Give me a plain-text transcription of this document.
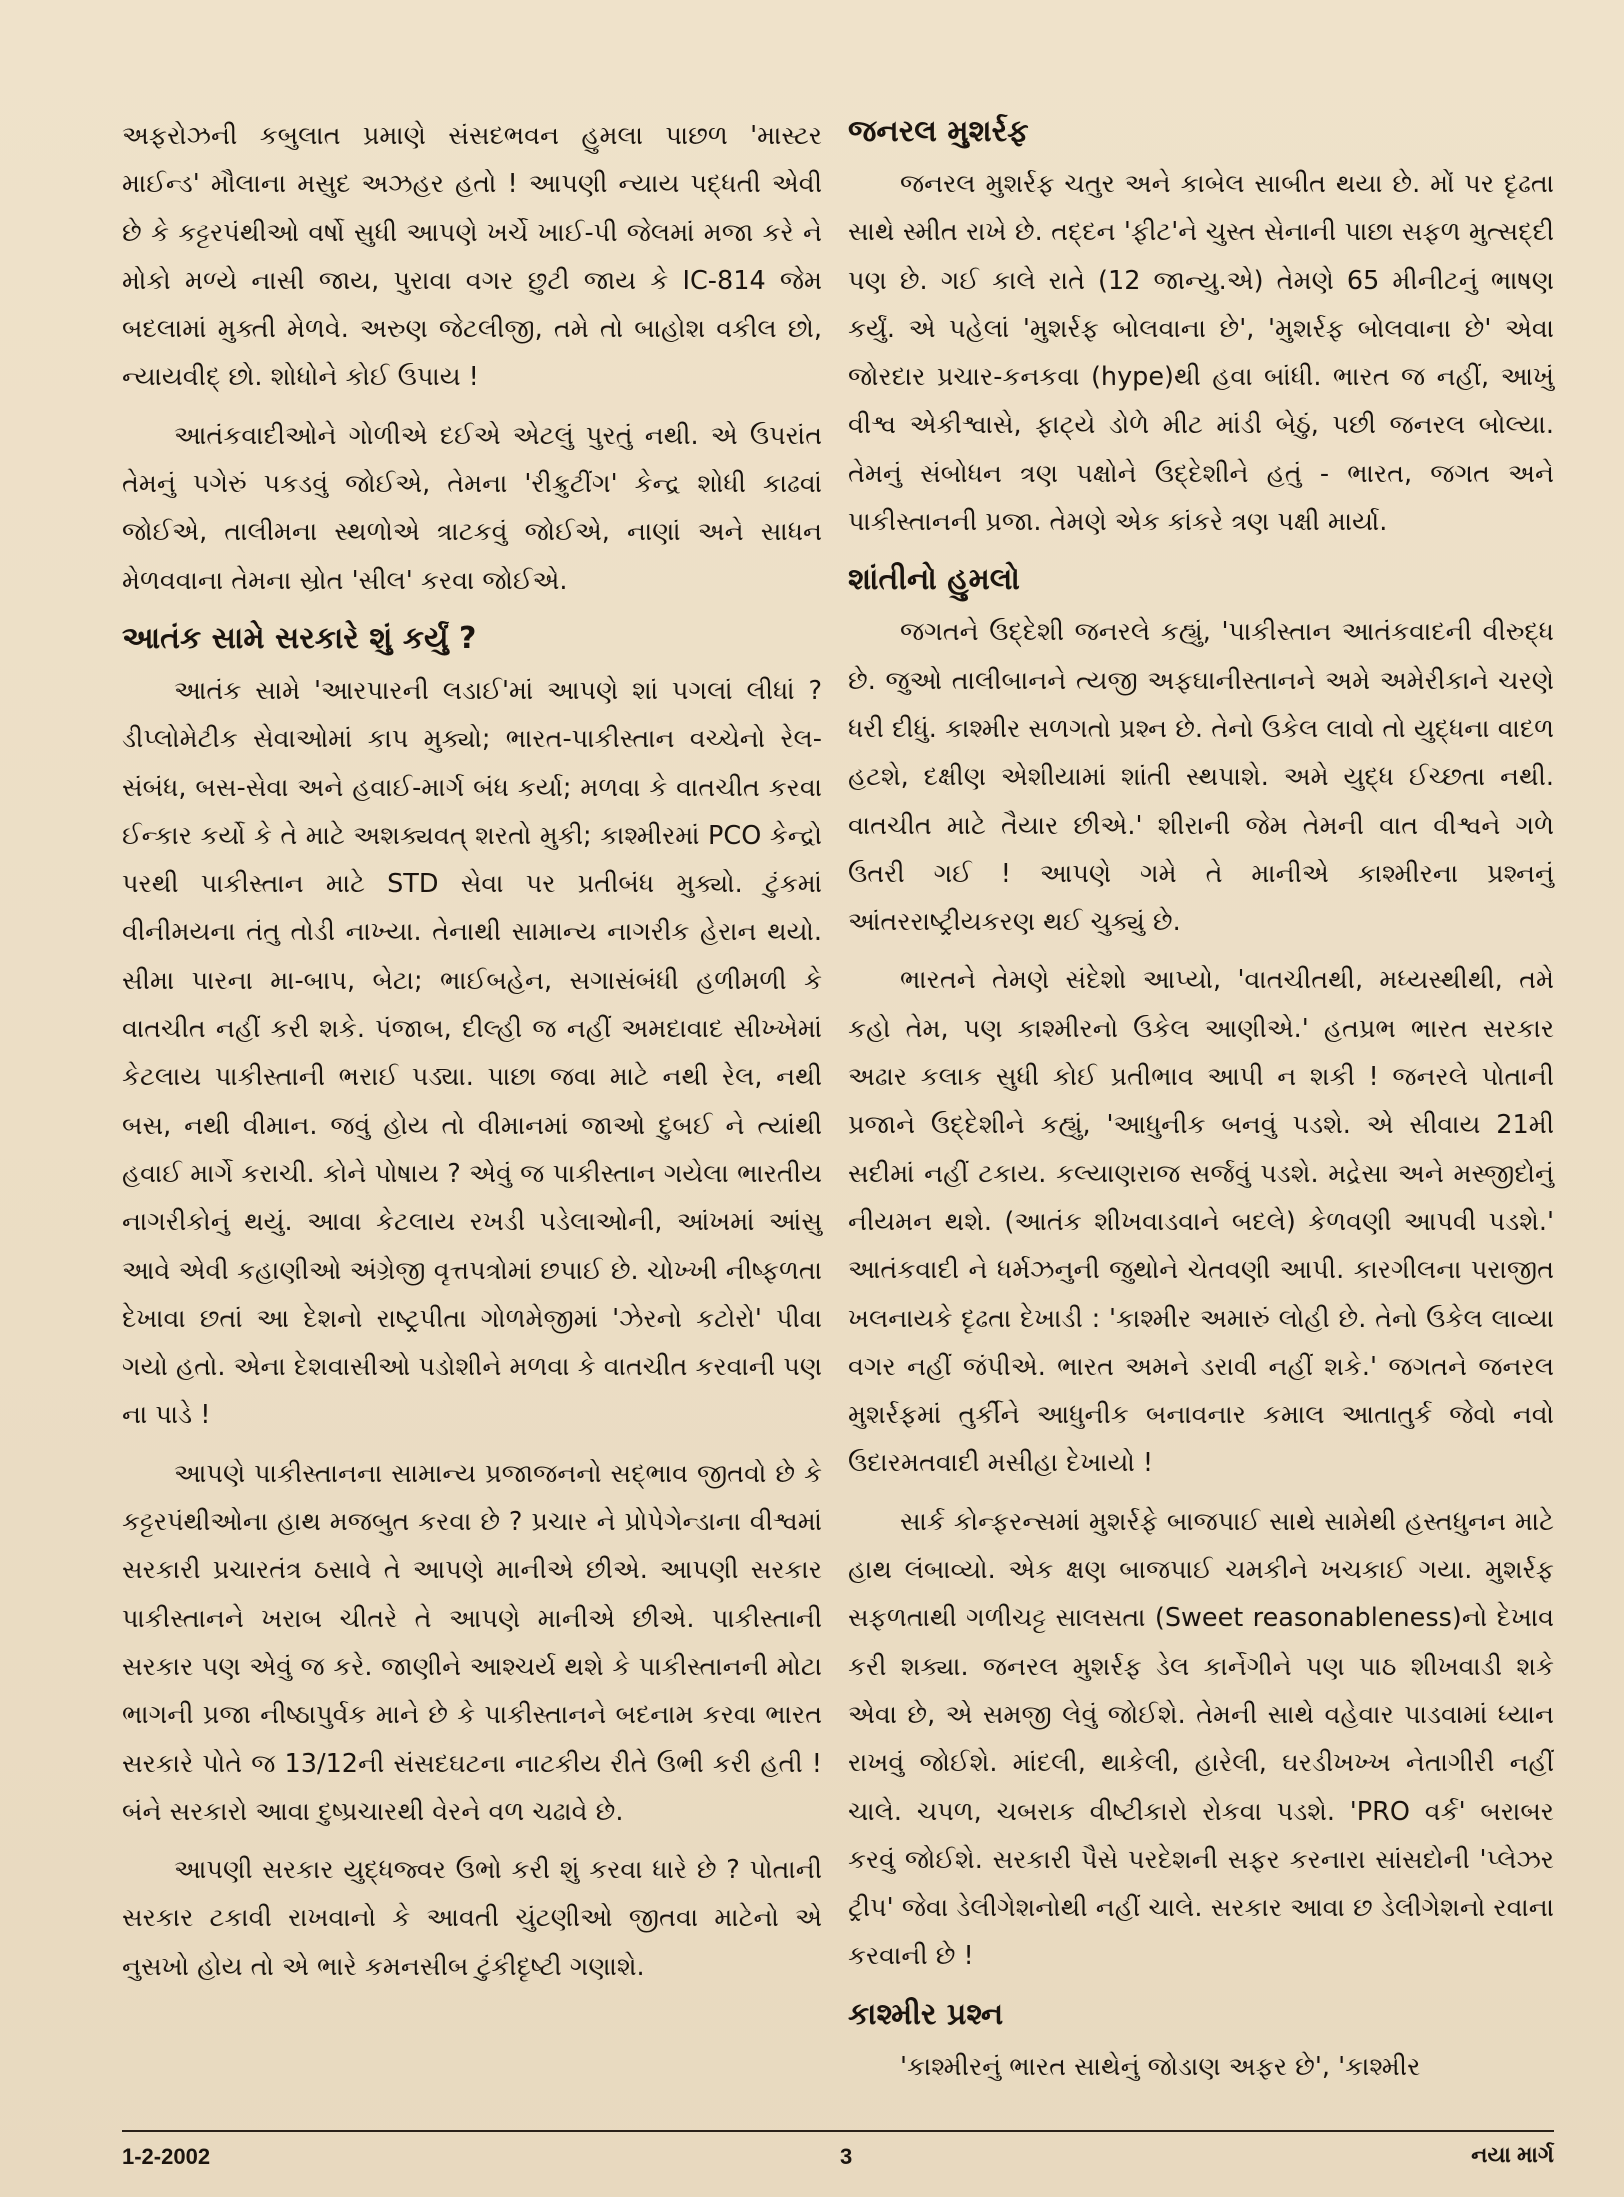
અફરોઝની કબુલાત પ્રમાણે સંસદભવન હુમલા પાછળ 'માસ્ટર માઈન્ડ' મૌલાના મસુદ અઝહર હતો ! આપણી ન્યાય પદ્ધતી એવી છે કે કટ્ટરપંથીઓ વર્ષો સુધી આપણે ખર્ચે ખાઈ-પી જેલમાં મજા કરે ને મોકો મળ્યે નાસી જાય, પુરાવા વગર છુટી જાય કે IC-814 જેમ બદલામાં મુક્તી મેળવે. અરુણ જેટલીજી, તમે તો બાહોશ વકીલ છો, ન્યાયવીદ્ છો. શોધોને કોઈ ઉપાય !

આતંકવાદીઓને ગોળીએ દઈએ એટલું પુરતું નથી. એ ઉપરાંત તેમનું પગેરું પકડવું જોઈએ, તેમના 'રીક્રુટીંગ' કેન્દ્ર શોધી કાઢવાં જોઈએ, તાલીમના સ્થળોએ ત્રાટકવું જોઈએ, નાણાં અને સાધન મેળવવાના તેમના સ્રોત 'સીલ' કરવા જોઈએ.

આતંક સામે સરકારે શું કર્યું ?

આતંક સામે 'આરપારની લડાઈ'માં આપણે શાં પગલાં લીધાં ? ડીપ્લોમેટીક સેવાઓમાં કાપ મુક્યો; ભારત-પાકીસ્તાન વચ્ચેનો રેલ-સંબંધ, બસ-સેવા અને હવાઈ-માર્ગ બંધ કર્યા; મળવા કે વાતચીત કરવા ઈન્કાર કર્યો કે તે માટે અશક્યવત્ શરતો મુકી; કાશ્મીરમાં PCO કેન્દ્રો પરથી પાકીસ્તાન માટે STD સેવા પર પ્રતીબંધ મુક્યો. ટુંકમાં વીનીમયના તંતુ તોડી નાખ્યા. તેનાથી સામાન્ય નાગરીક હેરાન થયો. સીમા પારના મા-બાપ, બેટા; ભાઈબહેન, સગાસંબંધી હળીમળી કે વાતચીત નહીં કરી શકે. પંજાબ, દીલ્હી જ નહીં અમદાવાદ સીખ્ખેમાં કેટલાય પાકીસ્તાની ભરાઈ પડ્યા. પાછા જવા માટે નથી રેલ, નથી બસ, નથી વીમાન. જવું હોય તો વીમાનમાં જાઓ દુબઈ ને ત્યાંથી હવાઈ માર્ગે કરાચી. કોને પોષાય ? એવું જ પાકીસ્તાન ગયેલા ભારતીય નાગરીકોનું થયું. આવા કેટલાય રખડી પડેલાઓની, આંખમાં આંસુ આવે એવી કહાણીઓ અંગ્રેજી વૃત્તપત્રોમાં છપાઈ છે. ચોખ્ખી નીષ્ફળતા દેખાવા છતાં આ દેશનો રાષ્ટ્રપીતા ગોળમેજીમાં 'ઝેરનો કટોરો' પીવા ગયો હતો. એના દેશવાસીઓ પડોશીને મળવા કે વાતચીત કરવાની પણ ના પાડે !

આપણે પાકીસ્તાનના સામાન્ય પ્રજાજનનો સદ્ભાવ જીતવો છે કે કટ્ટરપંથીઓના હાથ મજબુત કરવા છે ? પ્રચાર ને પ્રોપેગેન્ડાના વીશ્વમાં સરકારી પ્રચારતંત્ર ઠસાવે તે આપણે માનીએ છીએ. આપણી સરકાર પાકીસ્તાનને ખરાબ ચીતરે તે આપણે માનીએ છીએ. પાકીસ્તાની સરકાર પણ એવું જ કરે. જાણીને આશ્ચર્ય થશે કે પાકીસ્તાનની મોટા ભાગની પ્રજા નીષ્ઠાપુર્વક માને છે કે પાકીસ્તાનને બદનામ કરવા ભારત સરકારે પોતે જ 13/12ની સંસદઘટના નાટકીય રીતે ઉભી કરી હતી ! બંને સરકારો આવા દુષ્પ્રચારથી વેરને વળ ચઢાવે છે.

આપણી સરકાર યુદ્ધજ્વર ઉભો કરી શું કરવા ધારે છે ? પોતાની સરકાર ટકાવી રાખવાનો કે આવતી ચુંટણીઓ જીતવા માટેનો એ નુસખો હોય તો એ ભારે કમનસીબ ટુંકીદૃષ્ટી ગણાશે.

જનરલ મુશર્રફ

જનરલ મુશર્રફ ચતુર અને કાબેલ સાબીત થયા છે. મોં પર દૃઢતા સાથે સ્મીત રાખે છે. તદ્દન 'ફીટ'ને ચુસ્ત સેનાની પાછા સફળ મુત્સદ્દી પણ છે. ગઈ કાલે રાતે (12 જાન્યુ.એ) તેમણે 65 મીનીટનું ભાષણ કર્યું. એ પહેલાં 'મુશર્રફ બોલવાના છે', 'મુશર્રફ બોલવાના છે' એવા જોરદાર પ્રચાર-કનકવા (hype)થી હવા બાંધી. ભારત જ નહીં, આખું વીશ્વ એકીશ્વાસે, ફાટ્યે ડોળે મીટ માંડી બેઠું, પછી જનરલ બોલ્યા. તેમનું સંબોધન ત્રણ પક્ષોને ઉદ્દેશીને હતું - ભારત, જગત અને પાકીસ્તાનની પ્રજા. તેમણે એક કાંકરે ત્રણ પક્ષી માર્યા.

શાંતીનો હુમલો

જગતને ઉદ્દેશી જનરલે કહ્યું, 'પાકીસ્તાન આતંકવાદની વીરુદ્ધ છે. જુઓ તાલીબાનને ત્યજી અફઘાનીસ્તાનને અમે અમેરીકાને ચરણે ધરી દીધું. કાશ્મીર સળગતો પ્રશ્ન છે. તેનો ઉકેલ લાવો તો યુદ્ધના વાદળ હટશે, દક્ષીણ એશીયામાં શાંતી સ્થપાશે. અમે યુદ્ધ ઈચ્છતા નથી. વાતચીત માટે તૈયાર છીએ.' શીરાની જેમ તેમની વાત વીશ્વને ગળે ઉતરી ગઈ ! આપણે ગમે તે માનીએ કાશ્મીરના પ્રશ્નનું આંતરરાષ્ટ્રીયકરણ થઈ ચુક્યું છે.

ભારતને તેમણે સંદેશો આપ્યો, 'વાતચીતથી, મધ્યસ્થીથી, તમે કહો તેમ, પણ કાશ્મીરનો ઉકેલ આણીએ.' હતપ્રભ ભારત સરકાર અઢાર કલાક સુધી કોઈ પ્રતીભાવ આપી ન શકી ! જનરલે પોતાની પ્રજાને ઉદ્દેશીને કહ્યું, 'આધુનીક બનવું પડશે. એ સીવાય 21મી સદીમાં નહીં ટકાય. કલ્યાણરાજ સર્જવું પડશે. મદ્રેસા અને મસ્જીદોનું નીયમન થશે. (આતંક શીખવાડવાને બદલે) કેળવણી આપવી પડશે.' આતંકવાદી ને ધર્મઝનુની જુથોને ચેતવણી આપી. કારગીલના પરાજીત ખલનાયકે દૃઢતા દેખાડી : 'કાશ્મીર અમારું લોહી છે. તેનો ઉકેલ લાવ્યા વગર નહીં જંપીએ. ભારત અમને ડરાવી નહીં શકે.' જગતને જનરલ મુશર્રફમાં તુર્કીને આધુનીક બનાવનાર કમાલ આતાતુર્ક જેવો નવો ઉદારમતવાદી મસીહા દેખાયો !

સાર્ક કોન્ફરન્સમાં મુશર્રફે બાજપાઈ સાથે સામેથી હસ્તધુનન માટે હાથ લંબાવ્યો. એક ક્ષણ બાજપાઈ ચમકીને ખચકાઈ ગયા. મુશર્રફ સફળતાથી ગળીચટ્ટ સાલસતા (Sweet reasonableness)નો દેખાવ કરી શક્યા. જનરલ મુશર્રફ ડેલ કાર્નેગીને પણ પાઠ શીખવાડી શકે એવા છે, એ સમજી લેવું જોઈશે. તેમની સાથે વહેવાર પાડવામાં ધ્યાન રાખવું જોઈશે. માંદલી, થાકેલી, હારેલી, ઘરડીખખ્ખ નેતાગીરી નહીં ચાલે. ચપળ, ચબરાક વીષ્ટીકારો રોકવા પડશે. 'PRO વર્ક' બરાબર કરવું જોઈશે. સરકારી પૈસે પરદેશની સફર કરનારા સાંસદોની 'પ્લેઝર ટ્રીપ' જેવા ડેલીગેશનોથી નહીં ચાલે. સરકાર આવા છ ડેલીગેશનો રવાના કરવાની છે !

કાશ્મીર પ્રશ્ન

'કાશ્મીરનું ભારત સાથેનું જોડાણ અફર છે', 'કાશ્મીર

1-2-2002	3	નયા માર્ગ
